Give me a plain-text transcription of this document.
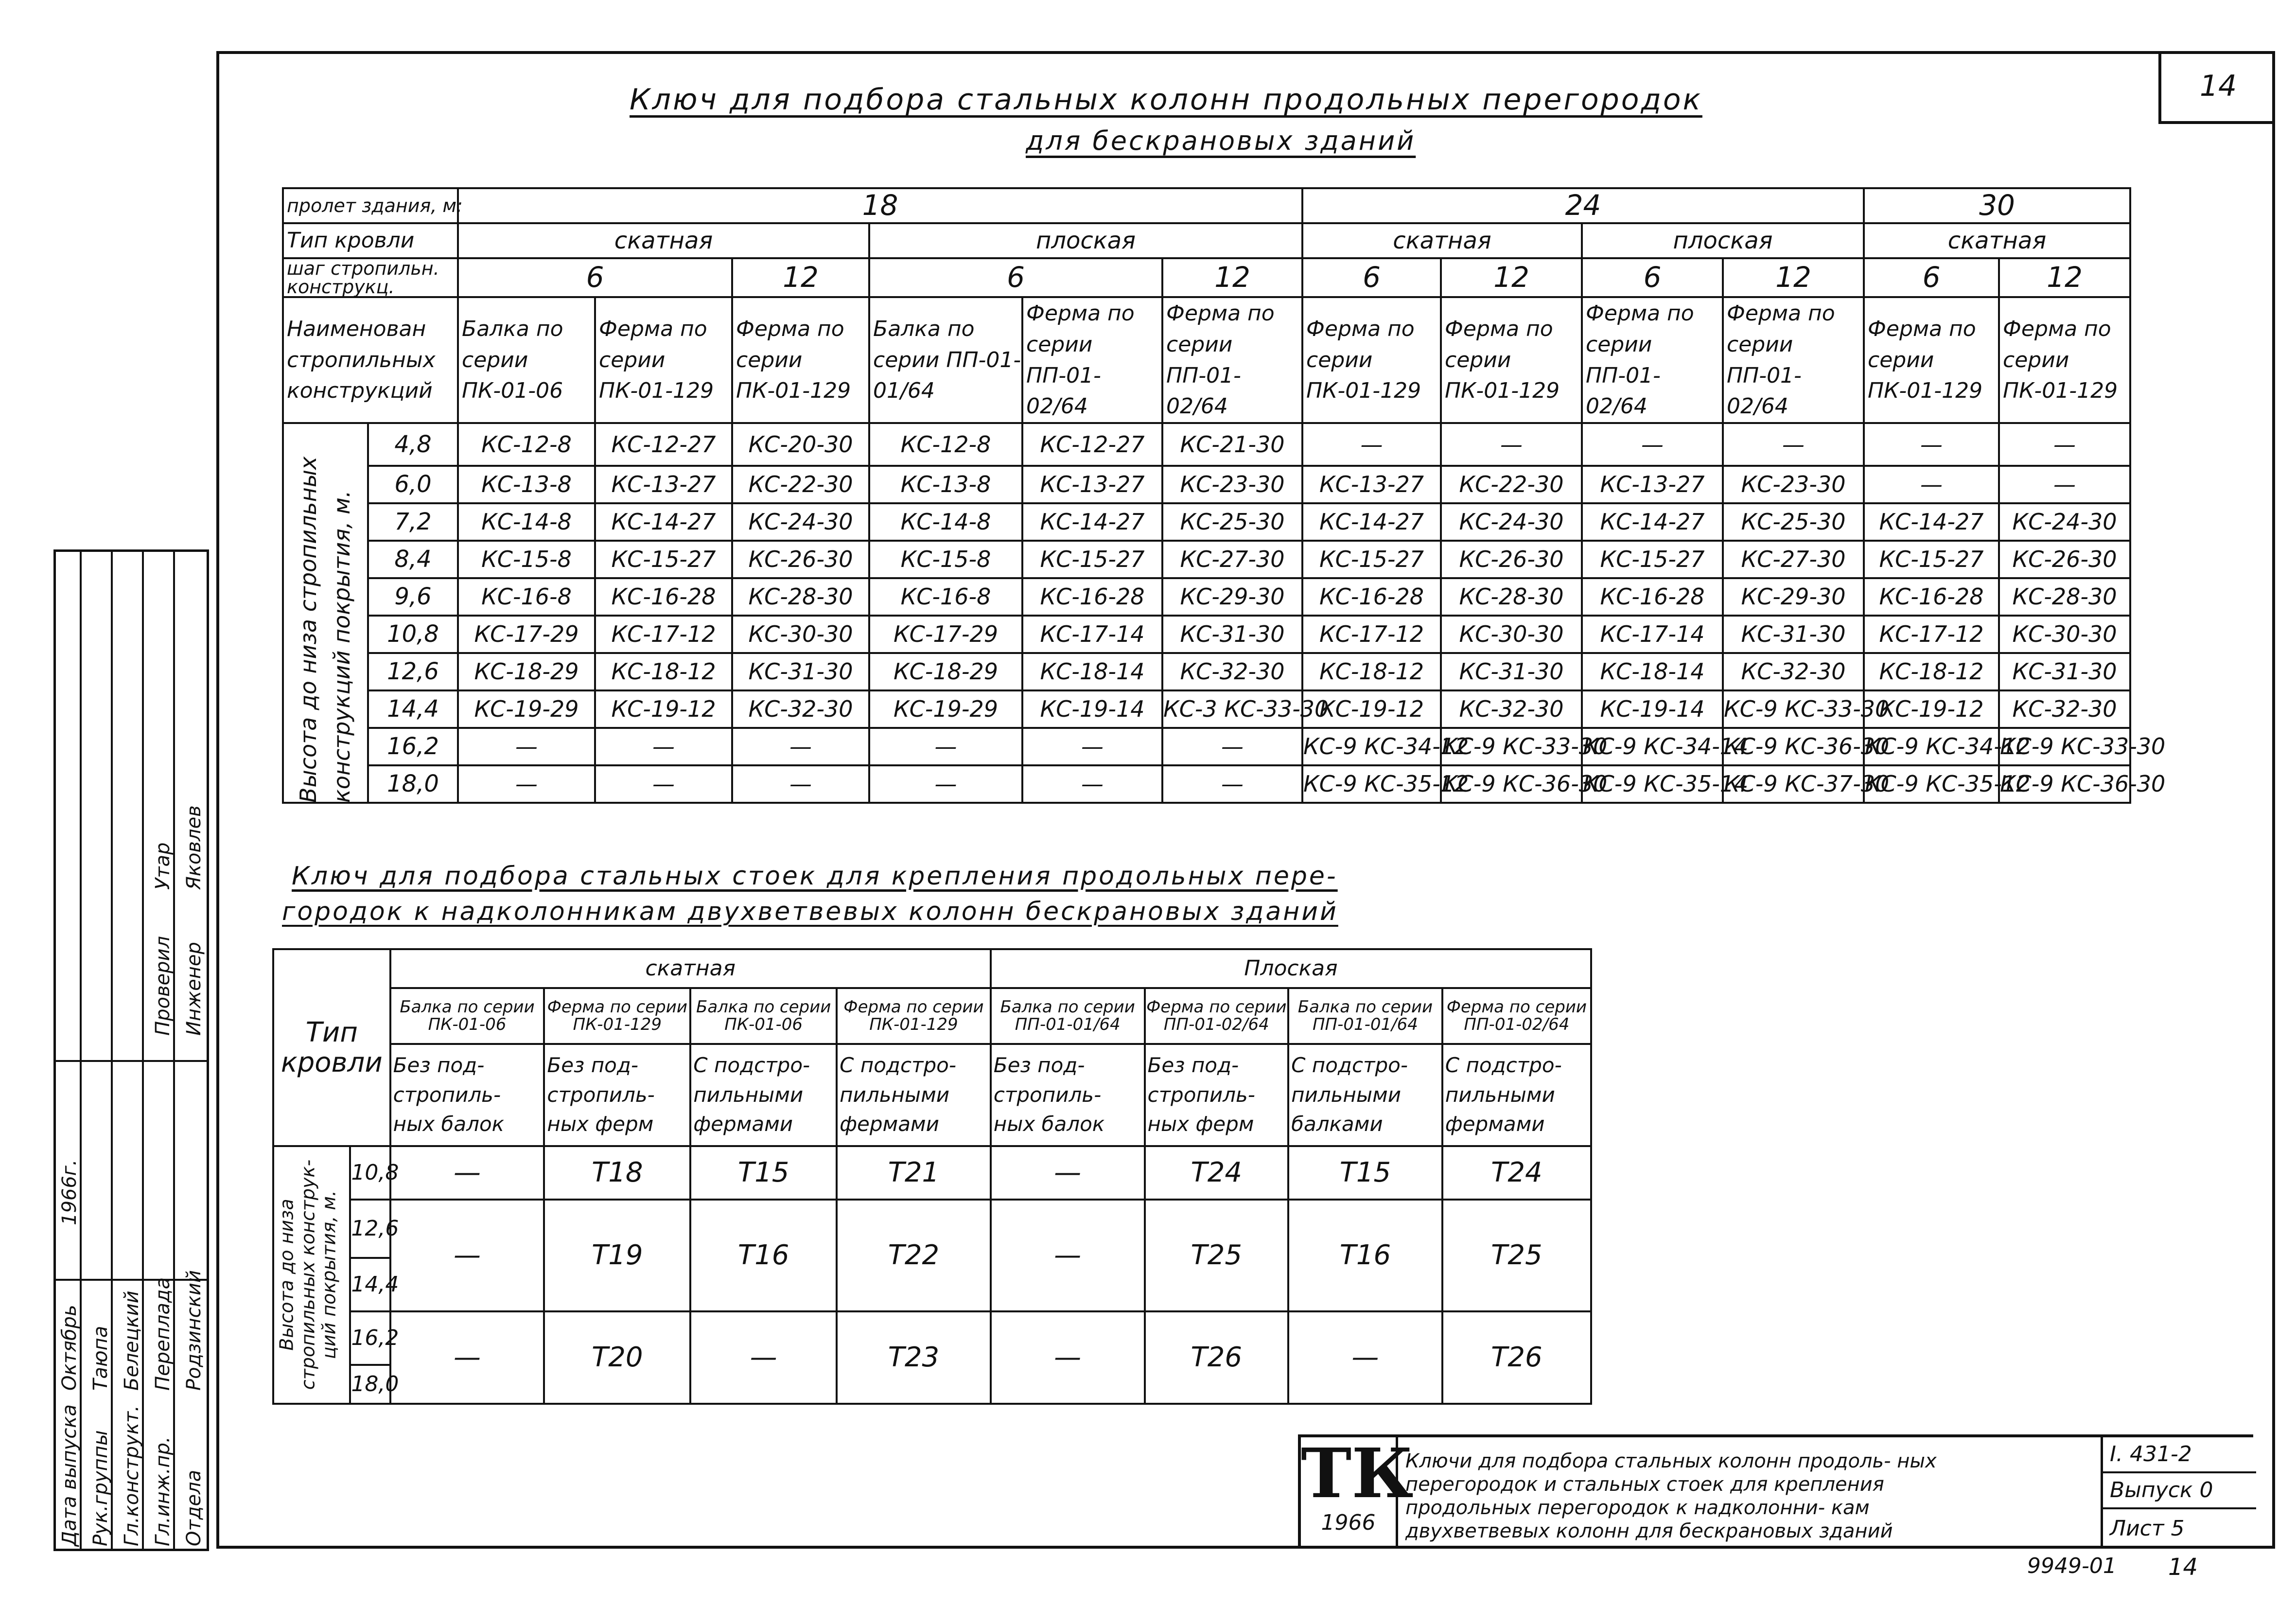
14
Ключ для подбора стальных колонн продольных перегородок
для бескрановых зданий
пролет здания, м:		18						24				30	
Тип кровли		скатная			плоская			скатная		плоская		скатная	
шаг стропильн. конструкц.		6		12	6		12	6	12	6	12	6	12
Наименован стропильных конструкций		Балка по серии ПК-01-06	Ферма по серии ПК-01-129	Ферма по серии ПК-01-129	Балка по серии ПП-01-01/64	Ферма по серии ПП-01-02/64	Ферма по серии ПП-01-02/64	Ферма по серии ПК-01-129	Ферма по серии ПК-01-129	Ферма по серии ПП-01-02/64	Ферма по серии ПП-01-02/64	Ферма по серии ПК-01-129	Ферма по серии ПК-01-129

Высота до низа стропильных конструкций покрытия, м.	4,8	КС-12-8	КС-12-27	КС-20-30	КС-12-8	КС-12-27	КС-21-30	—	—	—	—	—	—
	6,0	КС-13-8	КС-13-27	КС-22-30	КС-13-8	КС-13-27	КС-23-30	КС-13-27	КС-22-30	КС-13-27	КС-23-30	—	—
	7,2	КС-14-8	КС-14-27	КС-24-30	КС-14-8	КС-14-27	КС-25-30	КС-14-27	КС-24-30	КС-14-27	КС-25-30	КС-14-27	КС-24-30
	8,4	КС-15-8	КС-15-27	КС-26-30	КС-15-8	КС-15-27	КС-27-30	КС-15-27	КС-26-30	КС-15-27	КС-27-30	КС-15-27	КС-26-30
	9,6	КС-16-8	КС-16-28	КС-28-30	КС-16-8	КС-16-28	КС-29-30	КС-16-28	КС-28-30	КС-16-28	КС-29-30	КС-16-28	КС-28-30
	10,8	КС-17-29	КС-17-12	КС-30-30	КС-17-29	КС-17-14	КС-31-30	КС-17-12	КС-30-30	КС-17-14	КС-31-30	КС-17-12	КС-30-30
	12,6	КС-18-29	КС-18-12	КС-31-30	КС-18-29	КС-18-14	КС-32-30	КС-18-12	КС-31-30	КС-18-14	КС-32-30	КС-18-12	КС-31-30
	14,4	КС-19-29	КС-19-12	КС-32-30	КС-19-29	КС-19-14	КС-3 КС-33-30	КС-19-12	КС-32-30	КС-19-14	КС-9 КС-33-30	КС-19-12	КС-32-30
	16,2	—	—	—	—	—	—	КС-9 КС-34-12	КС-9 КС-33-30	КС-9 КС-34-14	КС-9 КС-36-30	КС-9 КС-34-12	КС-9 КС-33-30
	18,0	—	—	—	—	—	—	КС-9 КС-35-12	КС-9 КС-36-30	КС-9 КС-35-14	КС-9 КС-37-30	КС-9 КС-35-12	КС-9 КС-36-30
Ключ для подбора стальных стоек для крепления продольных пере-
городок к надколонникам двухветвевых колонн бескрановых зданий
Тип кровли		скатная				Плоская			
		Балка по серии ПК-01-06	Ферма по серии ПК-01-129	Балка по серии ПК-01-06	Ферма по серии ПК-01-129	Балка по серии ПП-01-01/64	Ферма по серии ПП-01-02/64	Балка по серии ПП-01-01/64	Ферма по серии ПП-01-02/64
		Без под- стропиль- ных балок	Без под- стропиль- ных ферм	С подстро- пильными фермами	С подстро- пильными фермами	Без под- стропиль- ных балок	Без под- стропиль- ных ферм	С подстро- пильными балками	С подстро- пильными фермами

Высота до низа стропильных конструк- ций покрытия, м.	10,8	—	Т18	Т15	Т21	—	Т24	Т15	Т24
	12,6	—	Т19	Т16	Т22	—	Т25	Т16	Т25
	14,4								
	16,2	—	Т20	—	Т23	—	Т26	—	Т26
	18,0								
ТК
1966
Ключи для подбора стальных колонн продоль- ных перегородок и стальных стоек для крепления продольных перегородок к надколонни- кам двухветвевых колонн для бескрановых зданий
I. 431-2
Выпуск 0
Лист 5
9949-01 14
Дата выпуска Рук.группы Гл.конструкт. Гл.инж.пр. Отдела
Октябрь Таюпа Белецкий Переплада Родзинский
1966г.
Проверил Инженер
Утар Яковлев
